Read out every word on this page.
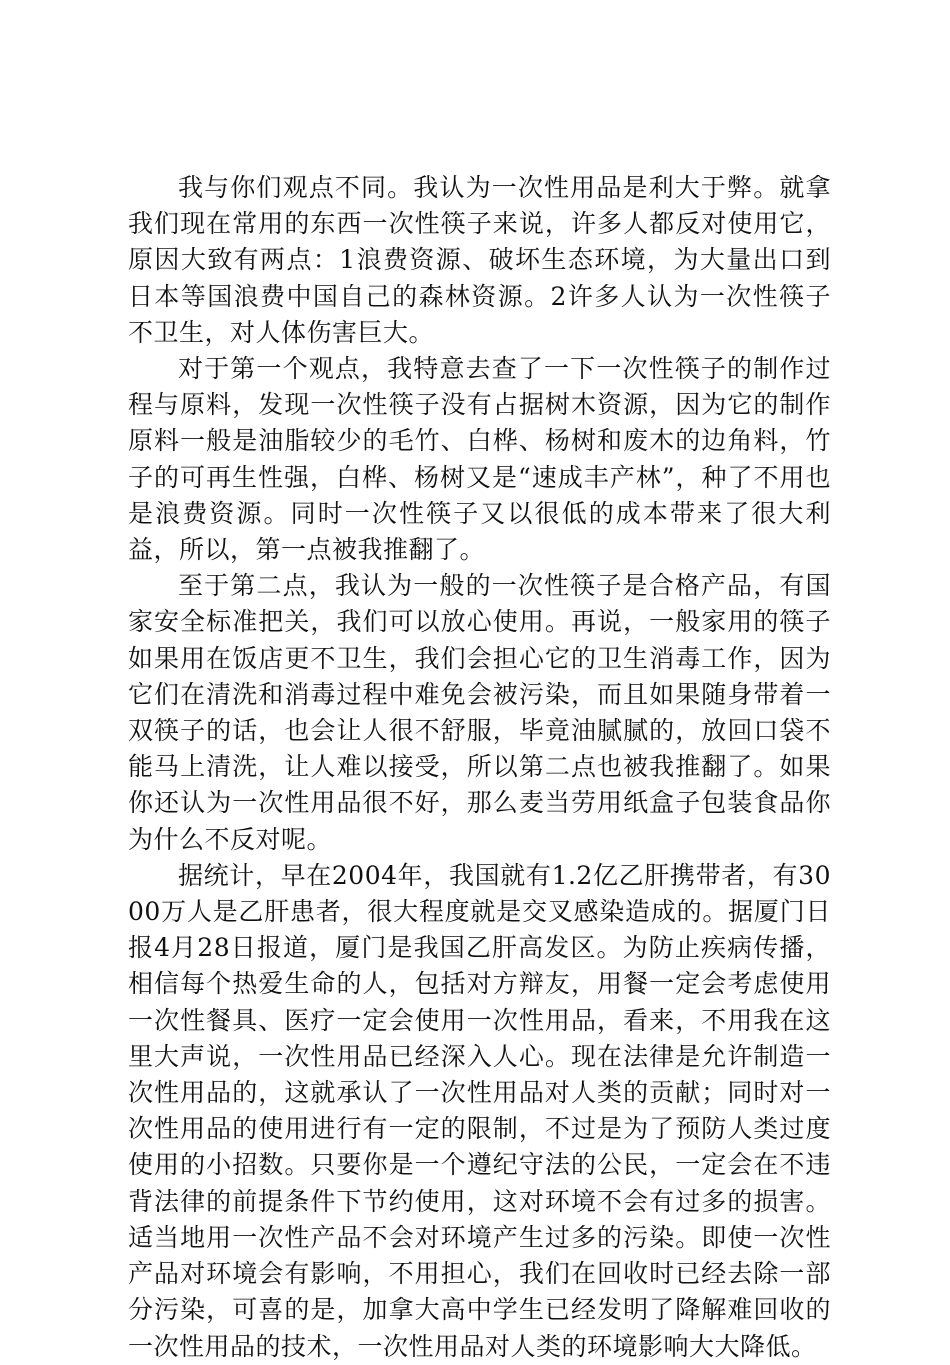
我与你们观点不同。我认为一次性用品是利大于弊。就拿我们现在常用的东西一次性筷子来说，许多人都反对使用它，原因大致有两点：1浪费资源、破坏生态环境，为大量出口到日本等国浪费中国自己的森林资源。2许多人认为一次性筷子不卫生，对人体伤害巨大。

对于第一个观点，我特意去查了一下一次性筷子的制作过程与原料，发现一次性筷子没有占据树木资源，因为它的制作原料一般是油脂较少的毛竹、白桦、杨树和废木的边角料，竹子的可再生性强，白桦、杨树又是“速成丰产林”，种了不用也是浪费资源。同时一次性筷子又以很低的成本带来了很大利益，所以，第一点被我推翻了。

至于第二点，我认为一般的一次性筷子是合格产品，有国家安全标准把关，我们可以放心使用。再说，一般家用的筷子如果用在饭店更不卫生，我们会担心它的卫生消毒工作，因为它们在清洗和消毒过程中难免会被污染，而且如果随身带着一双筷子的话，也会让人很不舒服，毕竟油腻腻的，放回口袋不能马上清洗，让人难以接受，所以第二点也被我推翻了。如果你还认为一次性用品很不好，那么麦当劳用纸盒子包装食品你为什么不反对呢。

据统计，早在2004年，我国就有1.2亿乙肝携带者，有3000万人是乙肝患者，很大程度就是交叉感染造成的。据厦门日报4月28日报道，厦门是我国乙肝高发区。为防止疾病传播，相信每个热爱生命的人，包括对方辩友，用餐一定会考虑使用一次性餐具、医疗一定会使用一次性用品，看来，不用我在这里大声说，一次性用品已经深入人心。现在法律是允许制造一次性用品的，这就承认了一次性用品对人类的贡献；同时对一次性用品的使用进行有一定的限制，不过是为了预防人类过度使用的小招数。只要你是一个遵纪守法的公民，一定会在不违背法律的前提条件下节约使用，这对环境不会有过多的损害。适当地用一次性产品不会对环境产生过多的污染。即使一次性产品对环境会有影响，不用担心，我们在回收时已经去除一部分污染，可喜的是，加拿大高中学生已经发明了降解难回收的一次性用品的技术，一次性用品对人类的环境影响大大降低。
